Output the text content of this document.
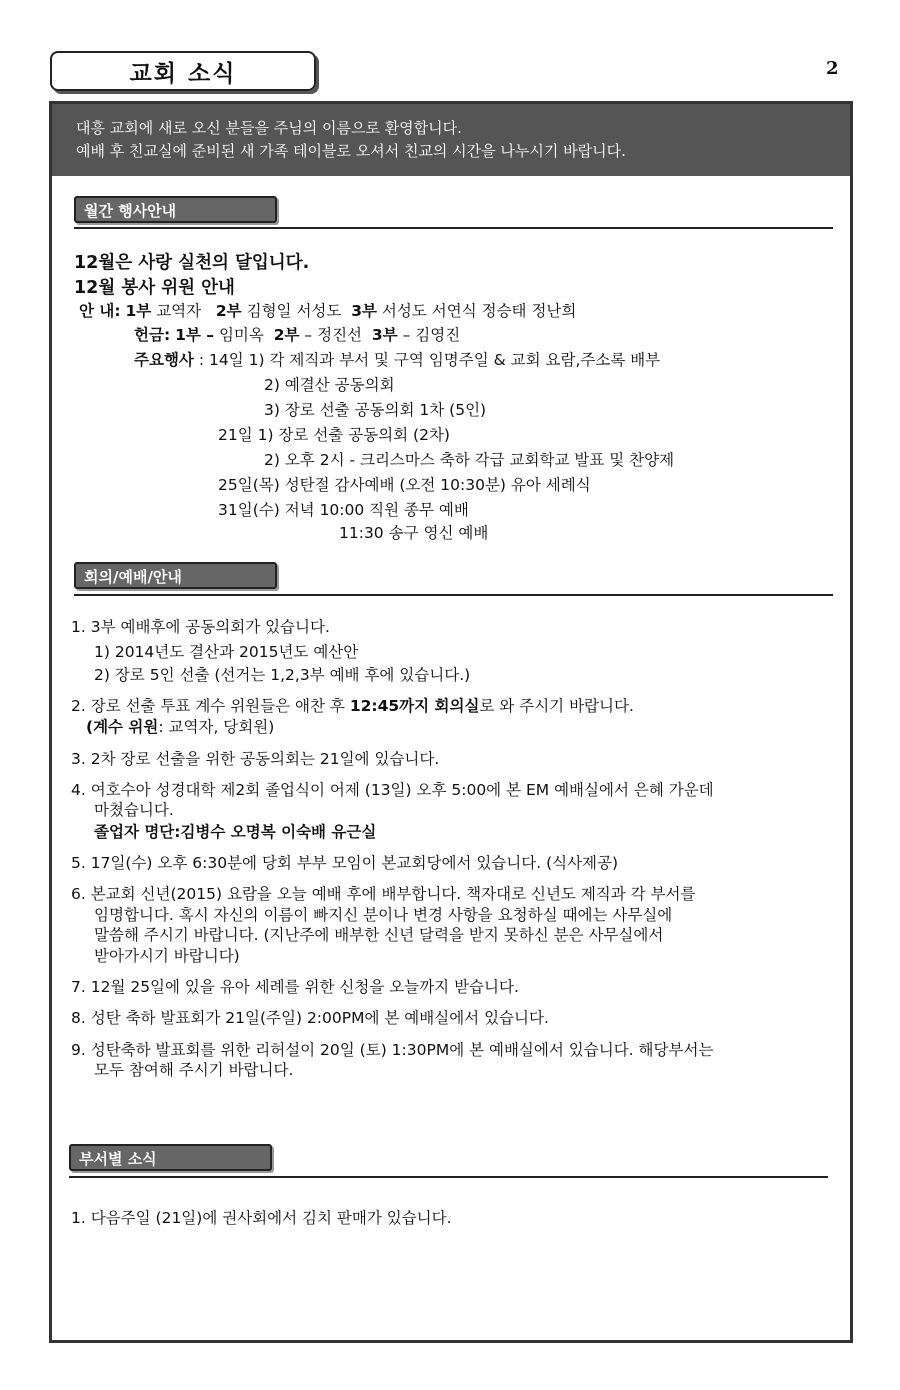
교회 소식	2
대흥 교회에 새로 오신 분들을 주님의 이름으로 환영합니다.
예배 후 친교실에 준비된 새 가족 테이블로 오셔서 친교의 시간을 나누시기 바랍니다.
월간 행사안내
12월은 사랑 실천의 달입니다.
12월 봉사 위원 안내
안 내: 1부 교역자 2부 김형일 서성도 3부 서성도 서연식 정승태 정난희
헌금: 1부 – 임미옥 2부 – 정진선 3부 – 김영진
주요행사 : 14일 1) 각 제직과 부서 및 구역 임명주일 & 교회 요람,주소록 배부
2) 예결산 공동의회
3) 장로 선출 공동의회 1차 (5인)
21일 1) 장로 선출 공동의회 (2차)
2) 오후 2시 - 크리스마스 축하 각급 교회학교 발표 및 찬양제
25일(목) 성탄절 감사예배 (오전 10:30분) 유아 세례식
31일(수) 저녁 10:00 직원 종무 예배
11:30 송구 영신 예배
회의/예배/안내
1. 3부 예배후에 공동의회가 있습니다.
1) 2014년도 결산과 2015년도 예산안
2) 장로 5인 선출 (선거는 1,2,3부 예배 후에 있습니다.)
2. 장로 선출 투표 계수 위원들은 애찬 후 12:45까지 회의실로 와 주시기 바랍니다.
(계수 위원: 교역자, 당회원)
3. 2차 장로 선출을 위한 공동의회는 21일에 있습니다.
4. 여호수아 성경대학 제2회 졸업식이 어제 (13일) 오후 5:00에 본 EM 예배실에서 은혜 가운데
마쳤습니다.
졸업자 명단:김병수 오명복 이숙배 유근실
5. 17일(수) 오후 6:30분에 당회 부부 모임이 본교회당에서 있습니다. (식사제공)
6. 본교회 신년(2015) 요람을 오늘 예배 후에 배부합니다. 책자대로 신년도 제직과 각 부서를
임명합니다. 혹시 자신의 이름이 빠지신 분이나 변경 사항을 요청하실 때에는 사무실에
말씀해 주시기 바랍니다. (지난주에 배부한 신년 달력을 받지 못하신 분은 사무실에서
받아가시기 바랍니다)
7. 12월 25일에 있을 유아 세례를 위한 신청을 오늘까지 받습니다.
8. 성탄 축하 발표회가 21일(주일) 2:00PM에 본 예배실에서 있습니다.
9. 성탄축하 발표회를 위한 리허설이 20일 (토) 1:30PM에 본 예배실에서 있습니다. 해당부서는
모두 참여해 주시기 바랍니다.
부서별 소식
1. 다음주일 (21일)에 권사회에서 김치 판매가 있습니다.
